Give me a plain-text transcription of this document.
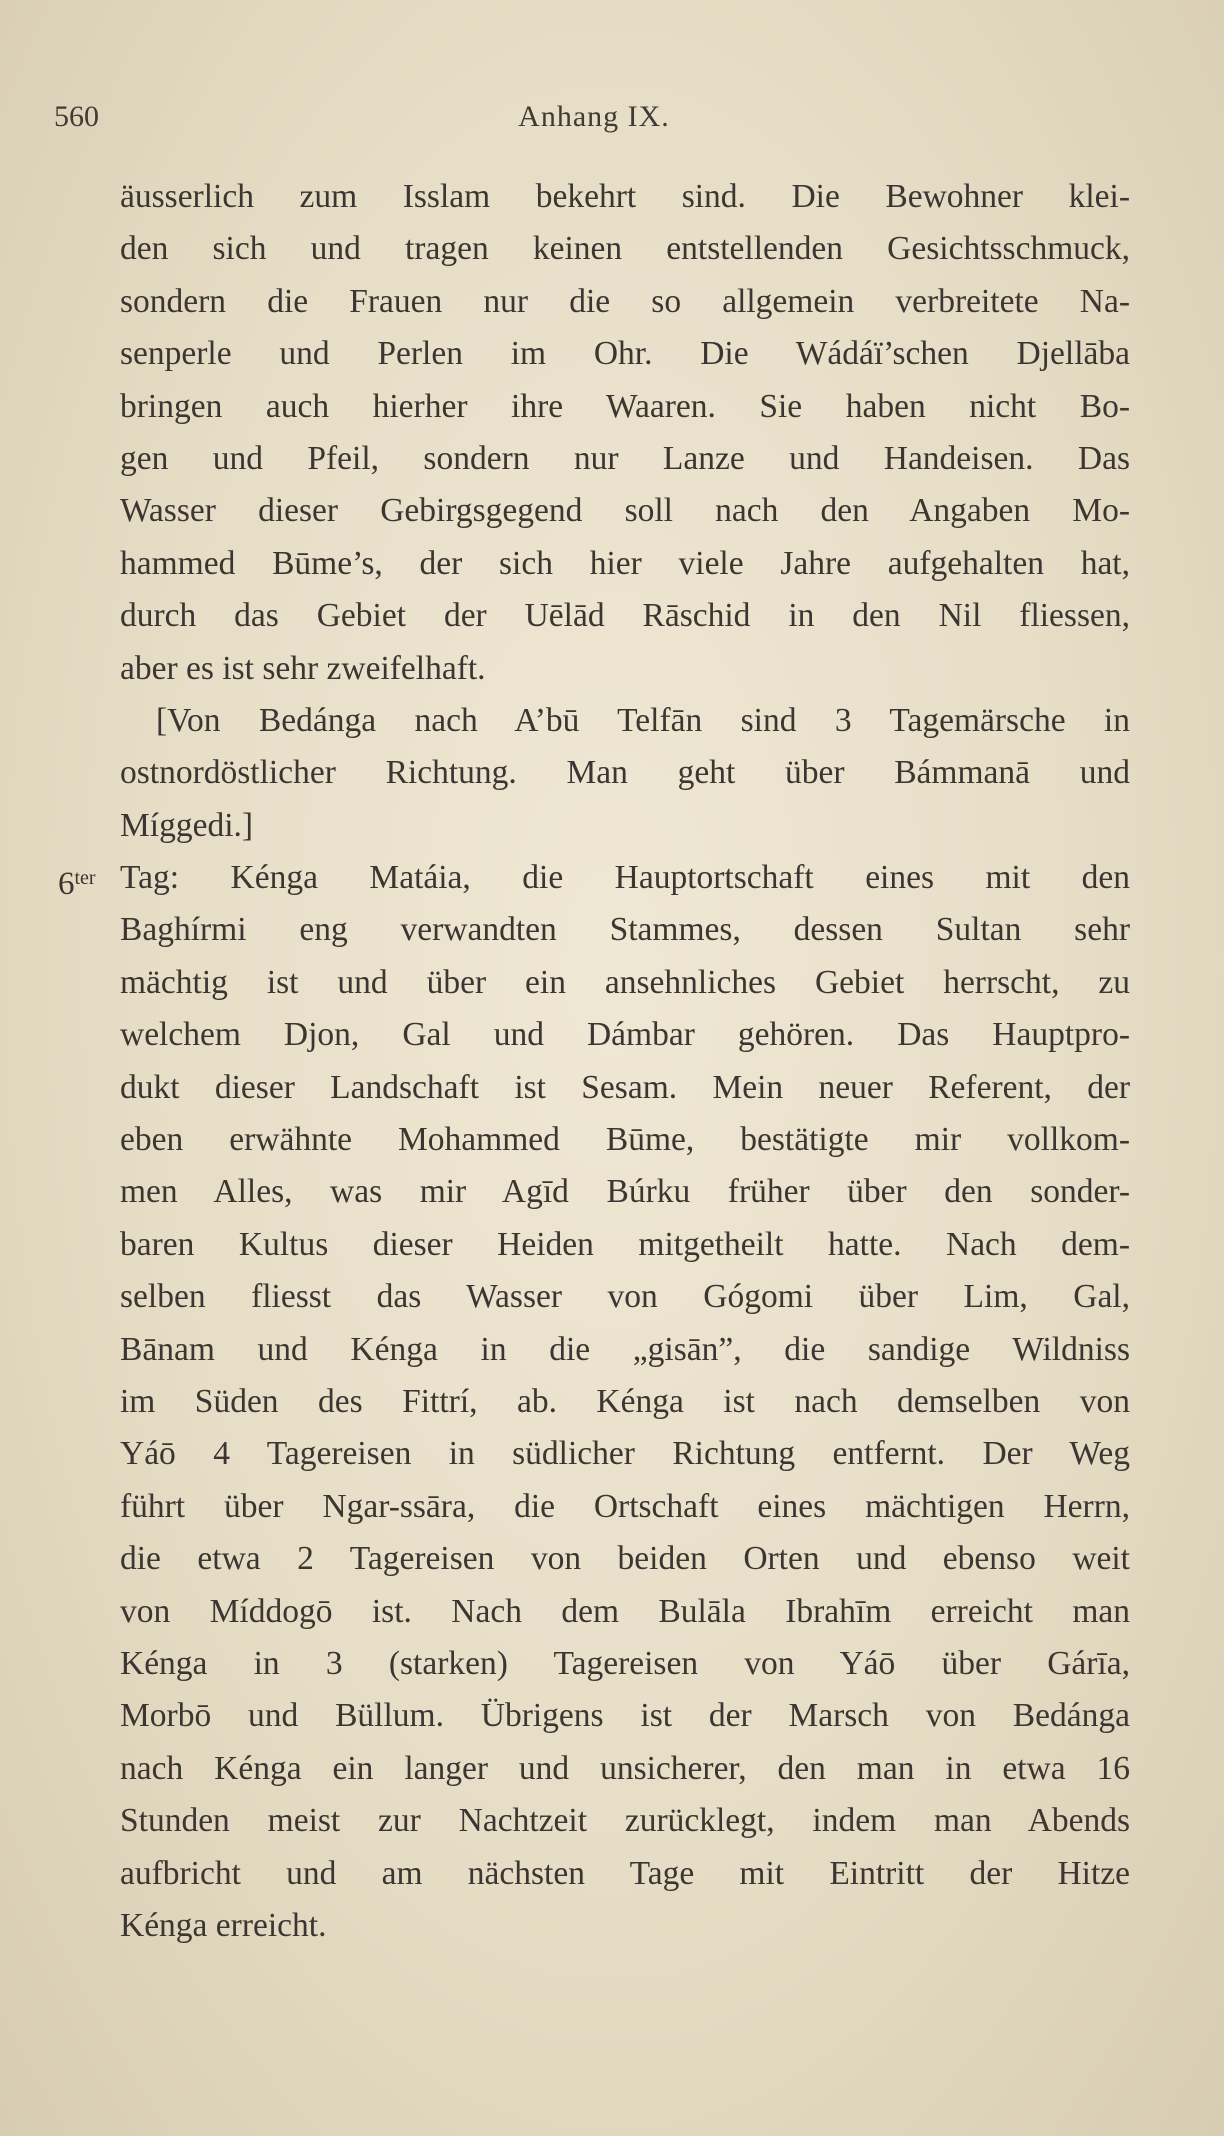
560	Anhang IX.
äusserlich zum Isslam bekehrt sind. Die Bewohner klei-
den sich und tragen keinen entstellenden Gesichtsschmuck,
sondern die Frauen nur die so allgemein verbreitete Na-
senperle und Perlen im Ohr. Die Wádáï’schen Djellāba
bringen auch hierher ihre Waaren. Sie haben nicht Bo-
gen und Pfeil, sondern nur Lanze und Handeisen. Das
Wasser dieser Gebirgsgegend soll nach den Angaben Mo-
hammed Būme’s, der sich hier viele Jahre aufgehalten hat,
durch das Gebiet der Uēlād Rāschid in den Nil fliessen,
aber es ist sehr zweifelhaft.
[Von Bedánga nach A’bū Telfān sind 3 Tagemärsche in
ostnordöstlicher Richtung. Man geht über Bámmanā und
Míggedi.]
$6^{ter}$ Tag: Kénga Matáia, die Hauptortschaft eines mit den
Baghírmi eng verwandten Stammes, dessen Sultan sehr
mächtig ist und über ein ansehnliches Gebiet herrscht, zu
welchem Djon, Gal und Dámbar gehören. Das Hauptpro-
dukt dieser Landschaft ist Sesam. Mein neuer Referent, der
eben erwähnte Mohammed Būme, bestätigte mir vollkom-
men Alles, was mir Agīd Búrku früher über den sonder-
baren Kultus dieser Heiden mitgetheilt hatte. Nach dem-
selben fliesst das Wasser von Gógomi über Lim, Gal,
Bānam und Kénga in die „gisān”, die sandige Wildniss
im Süden des Fittrí, ab. Kénga ist nach demselben von
Yáō 4 Tagereisen in südlicher Richtung entfernt. Der Weg
führt über Ngar-ssāra, die Ortschaft eines mächtigen Herrn,
die etwa 2 Tagereisen von beiden Orten und ebenso weit
von Míddogō ist. Nach dem Bulāla Ibrahīm erreicht man
Kénga in 3 (starken) Tagereisen von Yáō über Gárīa,
Morbō und Büllum. Übrigens ist der Marsch von Bedánga
nach Kénga ein langer und unsicherer, den man in etwa 16
Stunden meist zur Nachtzeit zurücklegt, indem man Abends
aufbricht und am nächsten Tage mit Eintritt der Hitze
Kénga erreicht.
